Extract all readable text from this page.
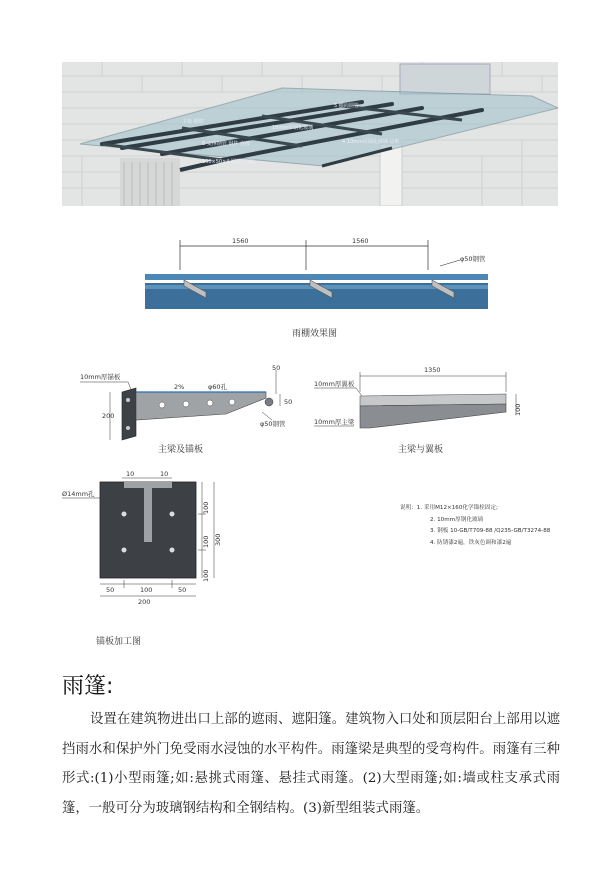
主梁 钢管
5 横向钢管
10mm厚钢化玻璃
8 支撑钢管 钢件 连接	4 10mm厚钢化玻璃 边框
100×50×4 钢管(下弦)
1560	1560
φ50钢管
雨棚效果图
10mm厚锚板
2%	φ60孔
50
50
200
φ50钢管
主梁及锚板
10mm厚翼板
1350
100
10mm厚主梁
主梁与翼板
10	10
Ø14mm孔
100
100
100
300
50	100	50
200
锚板加工图
说明：1. 采用M12×160化学锚栓固定;
2. 10mm厚钢化玻璃
3. 钢板 10-GB/T709-88 /Q235-GB/T3274-88
4. 防锈漆2遍，铁灰色调和漆2遍
雨篷:
设置在建筑物进出口上部的遮雨、遮阳篷。建筑物入口处和顶层阳台上部用以遮挡雨水和保护外门免受雨水浸蚀的水平构件。雨篷梁是典型的受弯构件。雨篷有三种形式:(1)小型雨篷;如:悬挑式雨篷、悬挂式雨篷。(2)大型雨篷;如:墙或柱支承式雨篷，一般可分为玻璃钢结构和全钢结构。(3)新型组装式雨篷。
